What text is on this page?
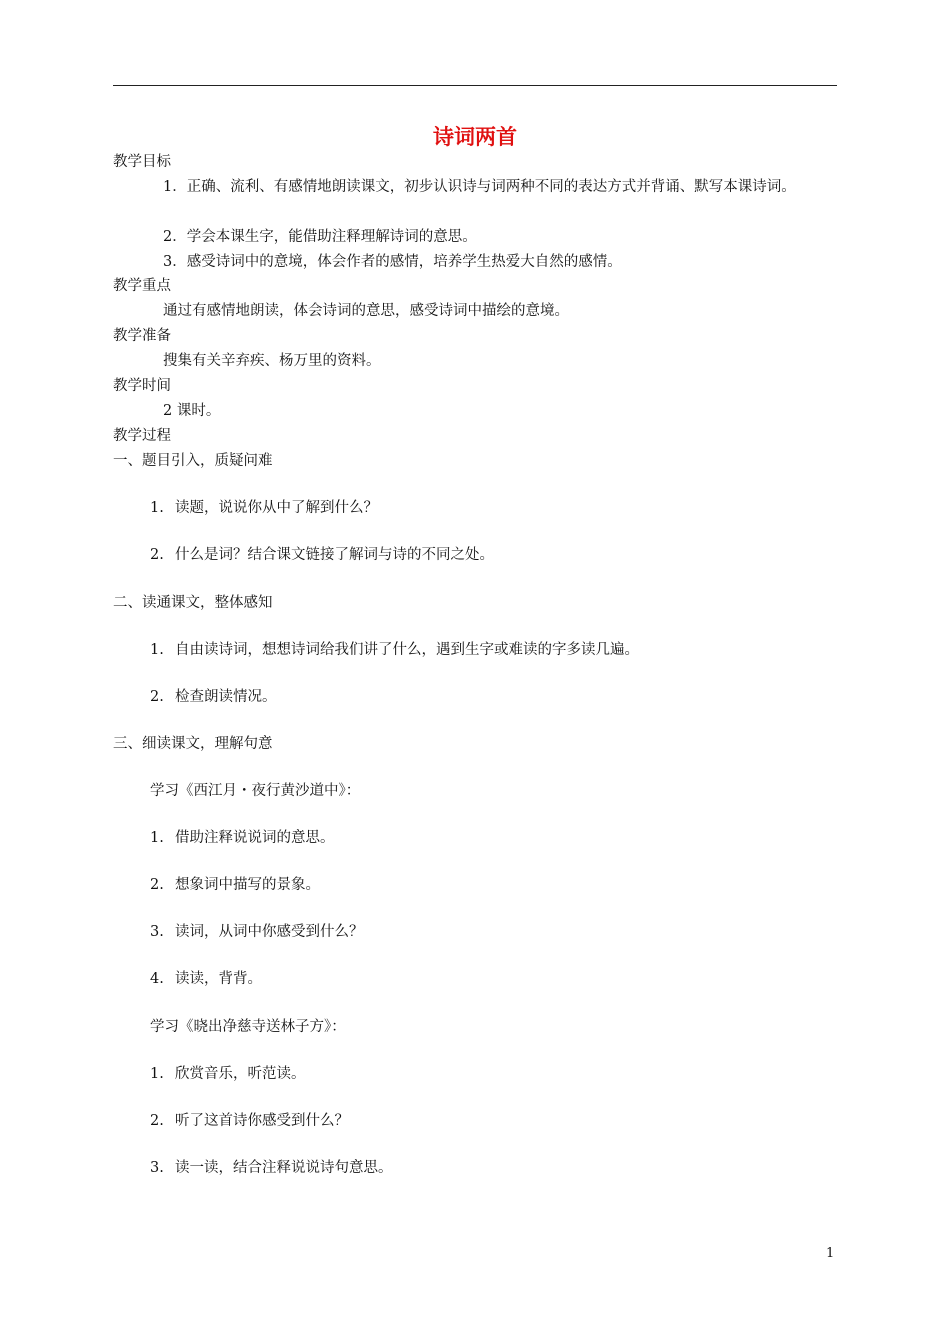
诗词两首
教学目标
1．正确、流利、有感情地朗读课文，初步认识诗与词两种不同的表达方式并背诵、默写本课诗词。
2．学会本课生字，能借助注释理解诗词的意思。
3．感受诗词中的意境，体会作者的感情，培养学生热爱大自然的感情。
教学重点
通过有感情地朗读，体会诗词的意思，感受诗词中描绘的意境。
教学准备
搜集有关辛弃疾、杨万里的资料。
教学时间
2 课时。
教学过程
一、题目引入，质疑问难
1. 读题，说说你从中了解到什么？
2. 什么是词？结合课文链接了解词与诗的不同之处。
二、读通课文，整体感知
1. 自由读诗词，想想诗词给我们讲了什么，遇到生字或难读的字多读几遍。
2. 检查朗读情况。
三、细读课文，理解句意
学习《西江月・夜行黄沙道中》：
1. 借助注释说说词的意思。
2. 想象词中描写的景象。
3. 读词，从词中你感受到什么？
4. 读读，背背。
学习《晓出净慈寺送林子方》：
1. 欣赏音乐，听范读。
2. 听了这首诗你感受到什么？
3. 读一读，结合注释说说诗句意思。
1
